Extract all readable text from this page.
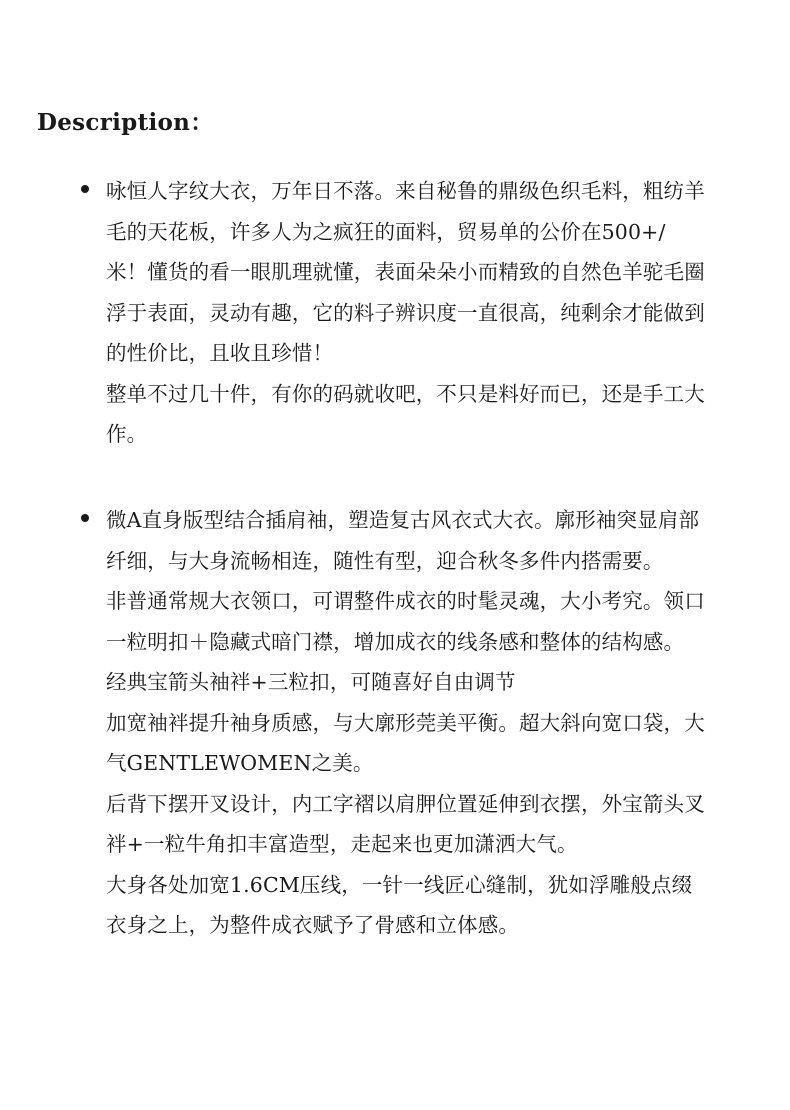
Description：

咏恒人字纹大衣，万年日不落。来自秘鲁的鼎级色织毛料，粗纺羊毛的天花板，许多人为之疯狂的面料，贸易单的公价在500+/米！懂货的看一眼肌理就懂，表面朵朵小而精致的自然色羊驼毛圈浮于表面，灵动有趣，它的料子辨识度一直很高，纯剩余才能做到的性价比，且收且珍惜！

整单不过几十件，有你的码就收吧，不只是料好而已，还是手工大作。

微A直身版型结合插肩袖，塑造复古风衣式大衣。廓形袖突显肩部纤细，与大身流畅相连，随性有型，迎合秋冬多件内搭需要。

非普通常规大衣领口，可谓整件成衣的时髦灵魂，大小考究。领口一粒明扣＋隐藏式暗门襟，增加成衣的线条感和整体的结构感。

经典宝箭头袖袢+三粒扣，可随喜好自由调节

加宽袖袢提升袖身质感，与大廓形莞美平衡。超大斜向宽口袋，大气GENTLEWOMEN之美。

后背下摆开叉设计，内工字褶以肩胛位置延伸到衣摆，外宝箭头叉袢+一粒牛角扣丰富造型，走起来也更加潇洒大气。

大身各处加宽1.6CM压线，一针一线匠心缝制，犹如浮雕般点缀衣身之上，为整件成衣赋予了骨感和立体感。
